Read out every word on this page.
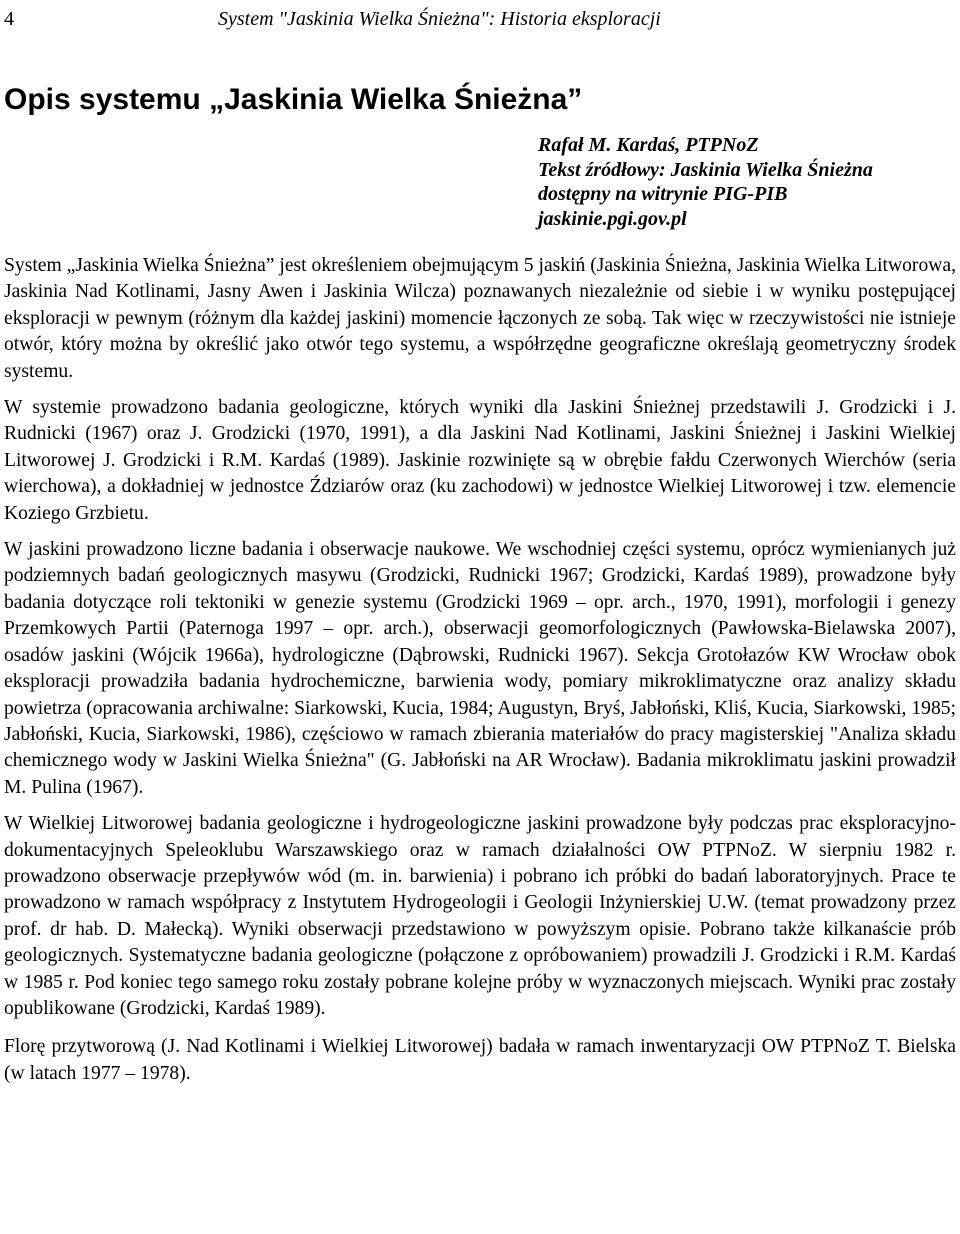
4	System "Jaskinia Wielka Śnieżna": Historia eksploracji
Opis systemu „Jaskinia Wielka Śnieżna”
Rafał M. Kardaś, PTPNoZ
Tekst źródłowy: Jaskinia Wielka Śnieżna
dostępny na witrynie PIG-PIB
jaskinie.pgi.gov.pl

System „Jaskinia Wielka Śnieżna” jest określeniem obejmującym 5 jaskiń (Jaskinia Śnieżna, Jaskinia Wielka Litworowa, Jaskinia Nad Kotlinami, Jasny Awen i Jaskinia Wilcza) poznawanych niezależnie od siebie i w wyniku postępującej eksploracji w pewnym (różnym dla każdej jaskini) momencie łączonych ze sobą. Tak więc w rzeczywistości nie istnieje otwór, który można by określić jako otwór tego systemu, a współrzędne geograficzne określają geometryczny środek systemu.

W systemie prowadzono badania geologiczne, których wyniki dla Jaskini Śnieżnej przedstawili J. Grodzicki i J. Rudnicki (1967) oraz J. Grodzicki (1970, 1991), a dla Jaskini Nad Kotlinami, Jaskini Śnieżnej i Jaskini Wielkiej Litworowej J. Grodzicki i R.M. Kardaś (1989). Jaskinie rozwinięte są w obrębie fałdu Czerwonych Wierchów (seria wierchowa), a dokładniej w jednostce Ździarów oraz (ku zachodowi) w jednostce Wielkiej Litworowej i tzw. elemencie Koziego Grzbietu.

W jaskini prowadzono liczne badania i obserwacje naukowe. We wschodniej części systemu, oprócz wymienianych już podziemnych badań geologicznych masywu (Grodzicki, Rudnicki 1967; Grodzicki, Kardaś 1989), prowadzone były badania dotyczące roli tektoniki w genezie systemu (Grodzicki 1969 – opr. arch., 1970, 1991), morfologii i genezy Przemkowych Partii (Paternoga 1997 – opr. arch.), obserwacji geomorfologicznych (Pawłowska-Bielawska 2007), osadów jaskini (Wójcik 1966a), hydrologiczne (Dąbrowski, Rudnicki 1967). Sekcja Grotołazów KW Wrocław obok eksploracji prowadziła badania hydrochemiczne, barwienia wody, pomiary mikroklimatyczne oraz analizy składu powietrza (opracowania archiwalne: Siarkowski, Kucia, 1984; Augustyn, Bryś, Jabłoński, Kliś, Kucia, Siarkowski, 1985; Jabłoński, Kucia, Siarkowski, 1986), częściowo w ramach zbierania materiałów do pracy magisterskiej "Analiza składu chemicznego wody w Jaskini Wielka Śnieżna" (G. Jabłoński na AR Wrocław). Badania mikroklimatu jaskini prowadził M. Pulina (1967).

W Wielkiej Litworowej badania geologiczne i hydrogeologiczne jaskini prowadzone były podczas prac eksploracyjno-dokumentacyjnych Speleoklubu Warszawskiego oraz w ramach działalności OW PTPNoZ. W sierpniu 1982 r. prowadzono obserwacje przepływów wód (m. in. barwienia) i pobrano ich próbki do badań laboratoryjnych. Prace te prowadzono w ramach współpracy z Instytutem Hydrogeologii i Geologii Inżynierskiej U.W. (temat prowadzony przez prof. dr hab. D. Małecką). Wyniki obserwacji przedstawiono w powyższym opisie. Pobrano także kilkanaście prób geologicznych. Systematyczne badania geologiczne (połączone z opróbowaniem) prowadzili J. Grodzicki i R.M. Kardaś w 1985 r. Pod koniec tego samego roku zostały pobrane kolejne próby w wyznaczonych miejscach. Wyniki prac zostały opublikowane (Grodzicki, Kardaś 1989).

Florę przytworową (J. Nad Kotlinami i Wielkiej Litworowej) badała w ramach inwentaryzacji OW PTPNoZ T. Bielska (w latach 1977 – 1978).
